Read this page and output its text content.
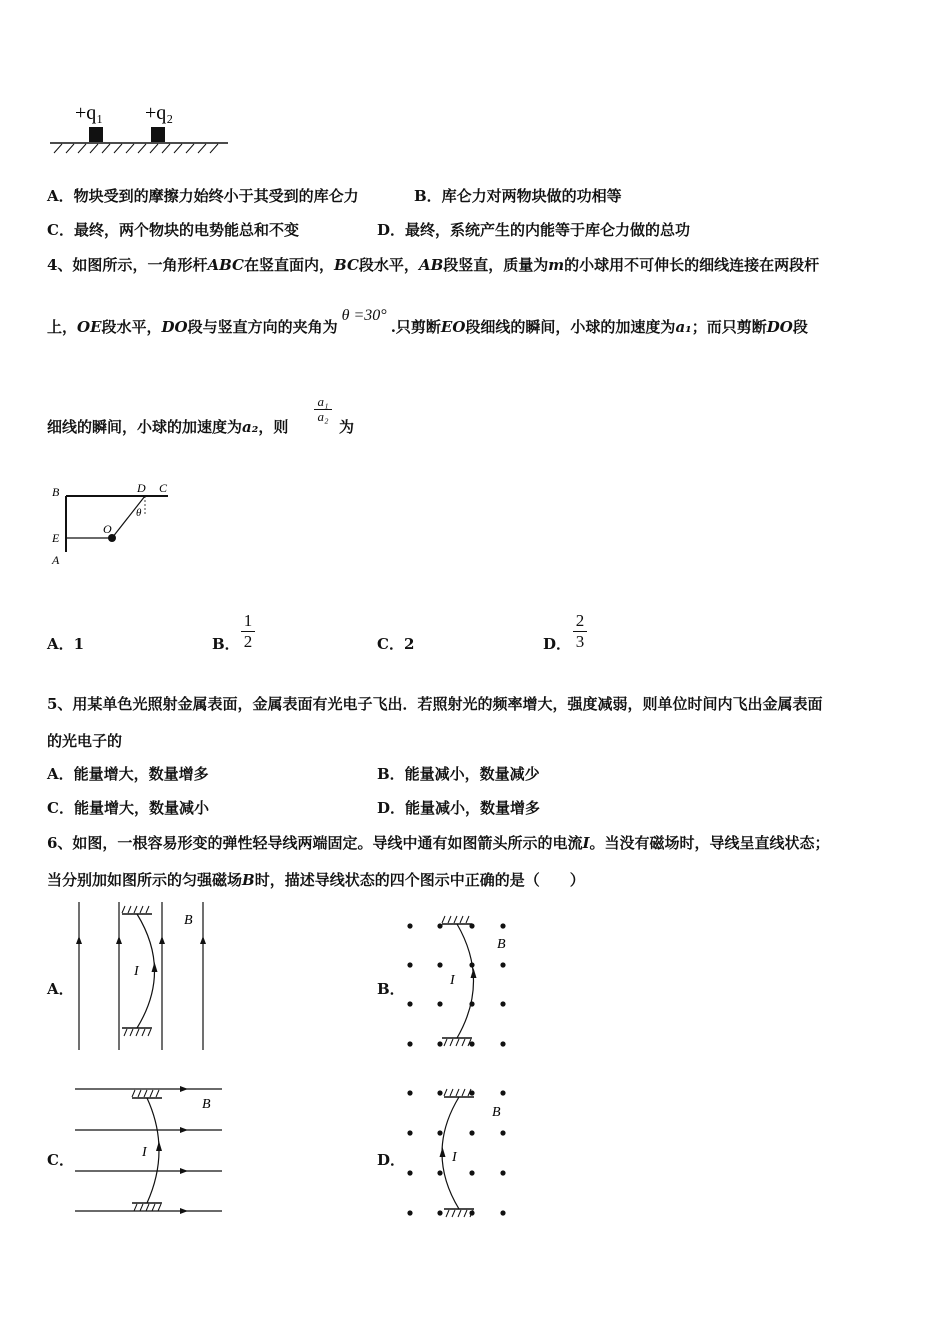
+q₁ +q₂
A．物块受到的摩擦力始终小于其受到的库仑力	B．库仑力对两物块做的功相等
C．最终，两个物块的电势能总和不变	D．最终，系统产生的内能等于库仑力做的总功
4、如图所示，一角形杆ABC在竖直面内，BC段水平，AB段竖直，质量为m的小球用不可伸长的细线连接在两段杆
上，OE段水平，DO段与竖直方向的夹角为θ =30°.只剪断EO段细线的瞬间，小球的加速度为a₁；而只剪断DO段
细线的瞬间，小球的加速度为a₂，则
a₁
a₂
为
B	D C
O
θ
E
A
A．1	B．
1
2	C．2	D．
2
3
5、用某单色光照射金属表面，金属表面有光电子飞出．若照射光的频率增大，强度减弱，则单位时间内飞出金属表面
的光电子的
A．能量增大，数量增多	B．能量减小，数量减少
C．能量增大，数量减小	D．能量减小，数量增多
6、如图，一根容易形变的弹性轻导线两端固定。导线中通有如图箭头所示的电流I。当没有磁场时，导线呈直线状态；
当分别加如图所示的匀强磁场B时，描述导线状态的四个图示中正确的是（　　）
A．	B．
C．	D．
I
B
I
B
I
B
I
B
